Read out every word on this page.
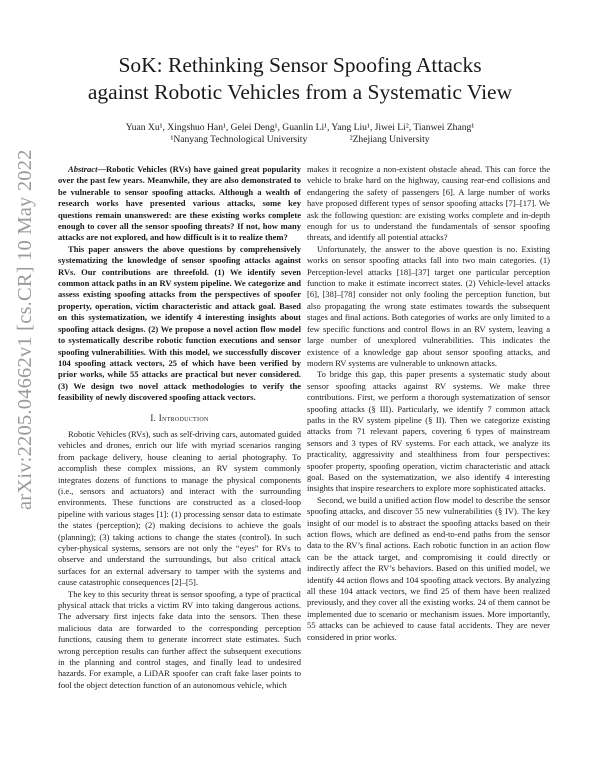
arXiv:2205.04662v1 [cs.CR] 10 May 2022
SoK: Rethinking Sensor Spoofing Attacks
against Robotic Vehicles from a Systematic View
Yuan Xu¹, Xingshuo Han¹, Gelei Deng¹, Guanlin Li¹, Yang Liu¹, Jiwei Li², Tianwei Zhang¹
¹Nanyang Technological University	²Zhejiang University

Abstract—Robotic Vehicles (RVs) have gained great popularity over the past few years. Meanwhile, they are also demonstrated to be vulnerable to sensor spoofing attacks. Although a wealth of research works have presented various attacks, some key questions remain unanswered: are these existing works complete enough to cover all the sensor spoofing threats? If not, how many attacks are not explored, and how difficult is it to realize them?

This paper answers the above questions by comprehensively systematizing the knowledge of sensor spoofing attacks against RVs. Our contributions are threefold. (1) We identify seven common attack paths in an RV system pipeline. We categorize and assess existing spoofing attacks from the perspectives of spoofer property, operation, victim characteristic and attack goal. Based on this systematization, we identify 4 interesting insights about spoofing attack designs. (2) We propose a novel action flow model to systematically describe robotic function executions and sensor spoofing vulnerabilities. With this model, we successfully discover 104 spoofing attack vectors, 25 of which have been verified by prior works, while 55 attacks are practical but never considered. (3) We design two novel attack methodologies to verify the feasibility of newly discovered spoofing attack vectors.

I. Introduction

Robotic Vehicles (RVs), such as self-driving cars, automated guided vehicles and drones, enrich our life with myriad scenarios ranging from package delivery, house cleaning to aerial photography. To accomplish these complex missions, an RV system commonly integrates dozens of functions to manage the physical components (i.e., sensors and actuators) and interact with the surrounding environments. These functions are constructed as a closed-loop pipeline with various stages [1]: (1) processing sensor data to estimate the states (perception); (2) making decisions to achieve the goals (planning); (3) taking actions to change the states (control). In such cyber-physical systems, sensors are not only the “eyes” for RVs to observe and understand the surroundings, but also critical attack surfaces for an external adversary to tamper with the systems and cause catastrophic consequences [2]–[5].

The key to this security threat is sensor spoofing, a type of practical physical attack that tricks a victim RV into taking dangerous actions. The adversary first injects fake data into the sensors. Then these malicious data are forwarded to the corresponding perception functions, causing them to generate incorrect state estimates. Such wrong perception results can further affect the subsequent executions in the planning and control stages, and finally lead to undesired hazards. For example, a LiDAR spoofer can craft fake laser points to fool the object detection function of an autonomous vehicle, which

makes it recognize a non-existent obstacle ahead. This can force the vehicle to brake hard on the highway, causing rear-end collisions and endangering the safety of passengers [6]. A large number of works have proposed different types of sensor spoofing attacks [7]–[17]. We ask the following question: are existing works complete and in-depth enough for us to understand the fundamentals of sensor spoofing threats, and identify all potential attacks?

Unfortunately, the answer to the above question is no. Existing works on sensor spoofing attacks fall into two main categories. (1) Perception-level attacks [18]–[37] target one particular perception function to make it estimate incorrect states. (2) Vehicle-level attacks [6], [38]–[78] consider not only fooling the perception function, but also propagating the wrong state estimates towards the subsequent stages and final actions. Both categories of works are only limited to a few specific functions and control flows in an RV system, leaving a large number of unexplored vulnerabilities. This indicates the existence of a knowledge gap about sensor spoofing attacks, and modern RV systems are vulnerable to unknown attacks.

To bridge this gap, this paper presents a systematic study about sensor spoofing attacks against RV systems. We make three contributions. First, we perform a thorough systematization of sensor spoofing attacks (§ III). Particularly, we identify 7 common attack paths in the RV system pipeline (§ II). Then we categorize existing attacks from 71 relevant papers, covering 6 types of mainstream sensors and 3 types of RV systems. For each attack, we analyze its practicality, aggressivity and stealthiness from four perspectives: spoofer property, spoofing operation, victim characteristic and attack goal. Based on the systematization, we also identify 4 interesting insights that inspire researchers to explore more sophisticated attacks.

Second, we build a unified action flow model to describe the sensor spoofing attacks, and discover 55 new vulnerabilities (§ IV). The key insight of our model is to abstract the spoofing attacks based on their action flows, which are defined as end-to-end paths from the sensor data to the RV’s final actions. Each robotic function in an action flow can be the attack target, and compromising it could directly or indirectly affect the RV’s behaviors. Based on this unified model, we identify 44 action flows and 104 spoofing attack vectors. By analyzing all these 104 attack vectors, we find 25 of them have been realized previously, and they cover all the existing works. 24 of them cannot be implemented due to scenario or mechanism issues. More importantly, 55 attacks can be achieved to cause fatal accidents. They are never considered in prior works.
